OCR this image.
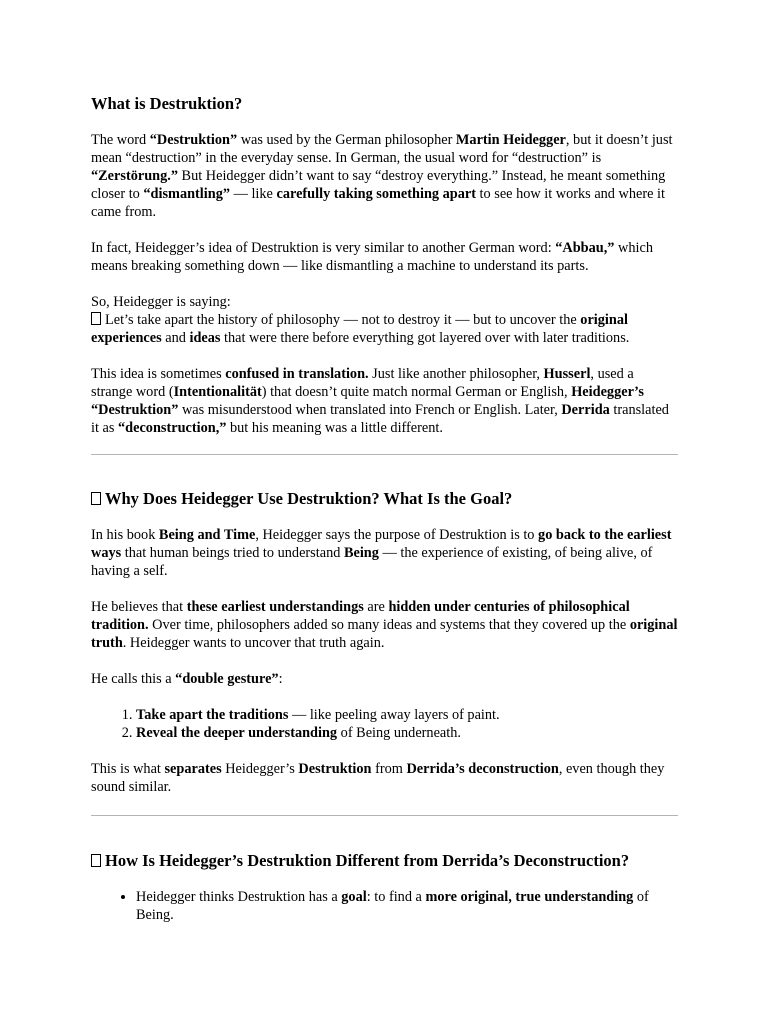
What is Destruktion?

The word “Destruktion” was used by the German philosopher Martin Heidegger, but it doesn’t just mean “destruction” in the everyday sense. In German, the usual word for “destruction” is “Zerstörung.” But Heidegger didn’t want to say “destroy everything.” Instead, he meant something closer to “dismantling” — like carefully taking something apart to see how it works and where it came from.

In fact, Heidegger’s idea of Destruktion is very similar to another German word: “Abbau,” which means breaking something down — like dismantling a machine to understand its parts.

So, Heidegger is saying:
Let’s take apart the history of philosophy — not to destroy it — but to uncover the original experiences and ideas that were there before everything got layered over with later traditions.

This idea is sometimes confused in translation. Just like another philosopher, Husserl, used a strange word (Intentionalität) that doesn’t quite match normal German or English, Heidegger’s “Destruktion” was misunderstood when translated into French or English. Later, Derrida translated it as “deconstruction,” but his meaning was a little different.

Why Does Heidegger Use Destruktion? What Is the Goal?

In his book Being and Time, Heidegger says the purpose of Destruktion is to go back to the earliest ways that human beings tried to understand Being — the experience of existing, of being alive, of having a self.

He believes that these earliest understandings are hidden under centuries of philosophical tradition. Over time, philosophers added so many ideas and systems that they covered up the original truth. Heidegger wants to uncover that truth again.

He calls this a “double gesture”:

1. Take apart the traditions — like peeling away layers of paint.
2. Reveal the deeper understanding of Being underneath.

This is what separates Heidegger’s Destruktion from Derrida’s deconstruction, even though they sound similar.

How Is Heidegger’s Destruktion Different from Derrida’s Deconstruction?
• Heidegger thinks Destruktion has a goal: to find a more original, true understanding of Being.
